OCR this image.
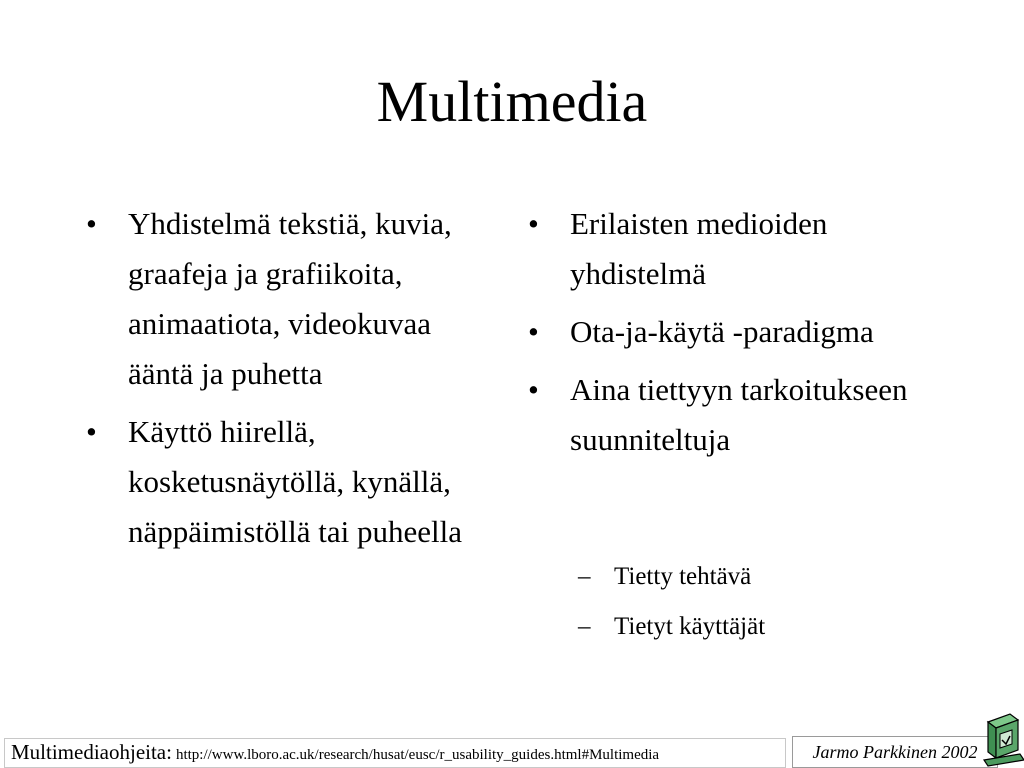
Multimedia
•	Yhdistelmä tekstiä, kuvia, graafeja ja grafiikoita, animaatiota, videokuvaa ääntä ja puhetta
•	Käyttö hiirellä, kosketusnäytöllä, kynällä, näppäimistöllä tai puheella
•	Erilaisten medioiden yhdistelmä
•	Ota-ja-käytä -paradigma
•	Aina tiettyyn tarkoitukseen suunniteltuja
– Tietty tehtävä
– Tietyt käyttäjät
Multimediaohjeita: http://www.lboro.ac.uk/research/husat/eusc/r_usability_guides.html#Multimedia	Jarmo Parkkinen 2002
